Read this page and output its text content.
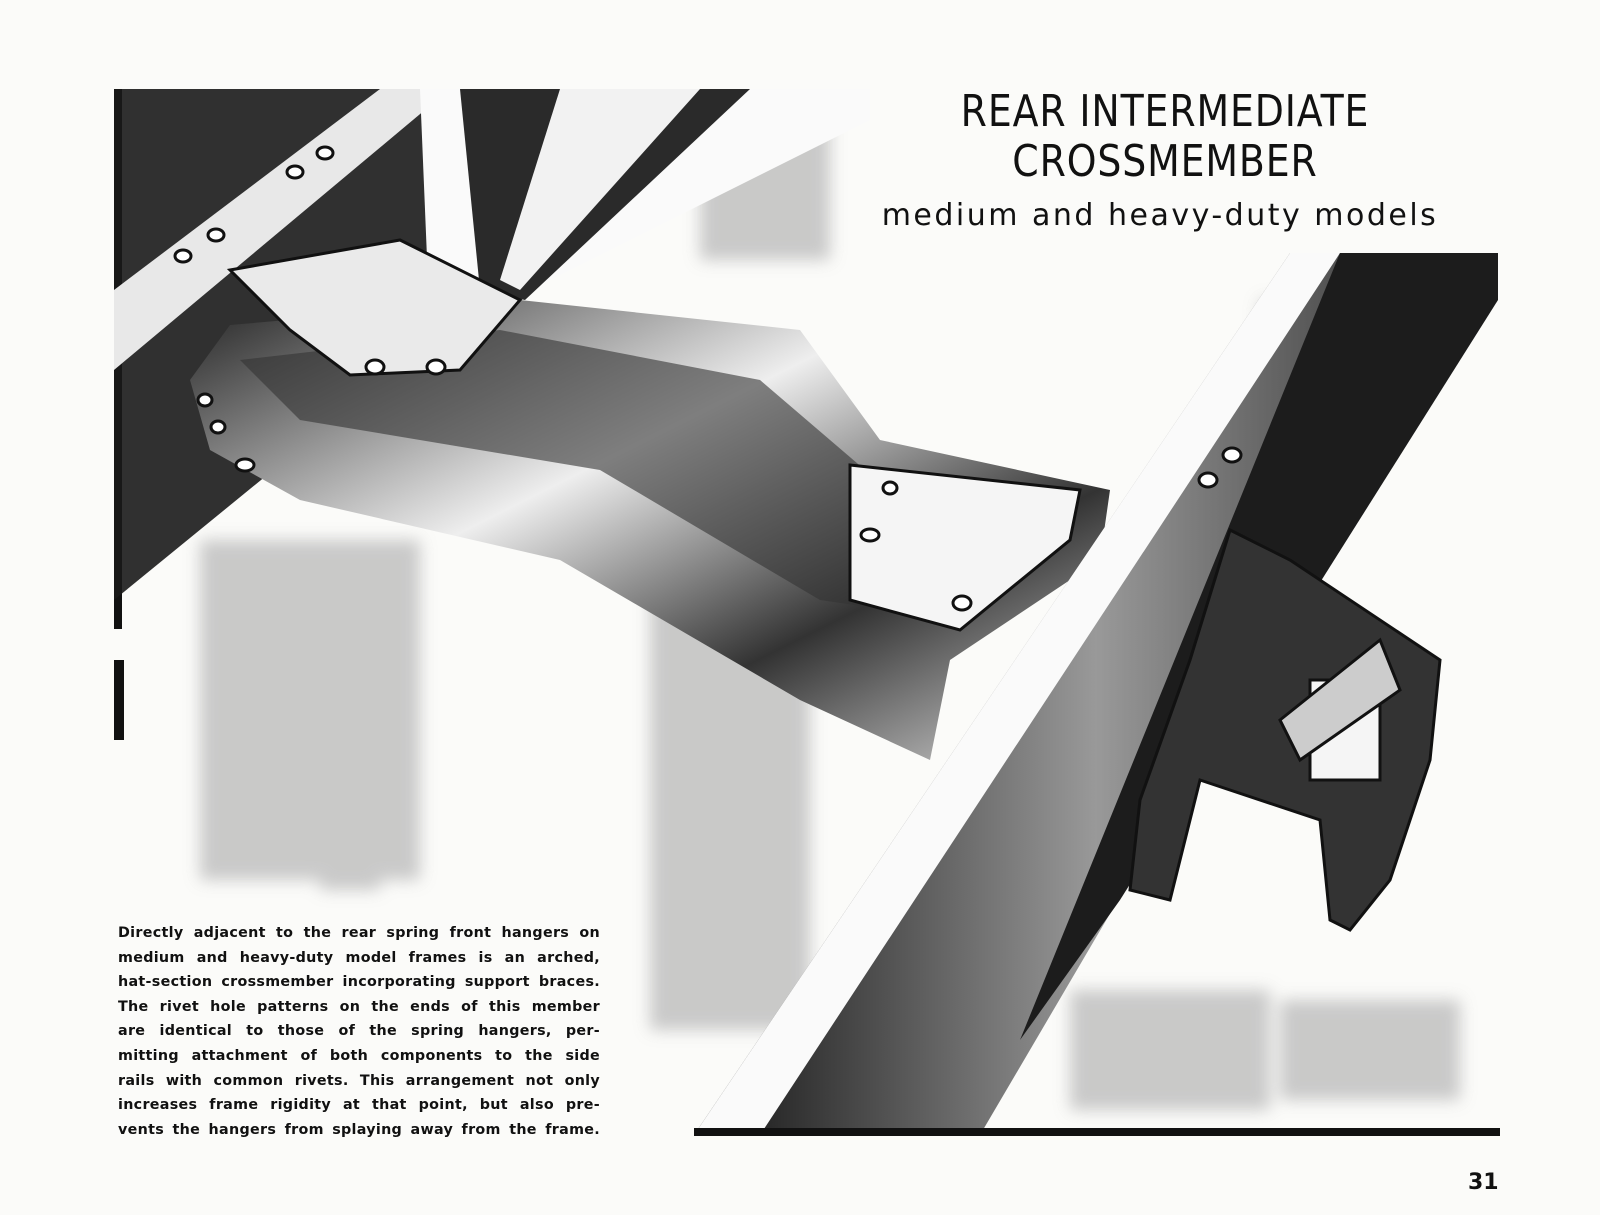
REAR INTERMEDIATE
CROSSMEMBER
medium and heavy-duty models
Directly adjacent to the rear spring front hangers on
medium and heavy-duty model frames is an arched,
hat-section crossmember incorporating support braces.
The rivet hole patterns on the ends of this member
are identical to those of the spring hangers, per-
mitting attachment of both components to the side
rails with common rivets. This arrangement not only
increases frame rigidity at that point, but also pre-
vents the hangers from splaying away from the frame.
31
